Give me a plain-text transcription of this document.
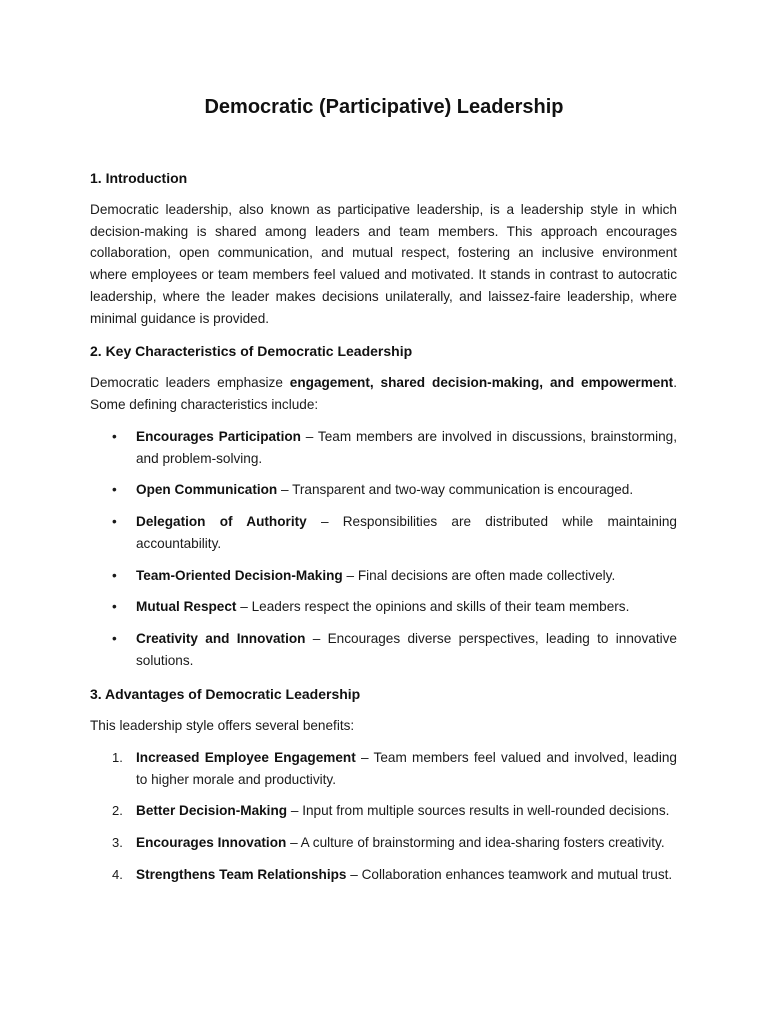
Democratic (Participative) Leadership
1. Introduction

Democratic leadership, also known as participative leadership, is a leadership style in which decision-making is shared among leaders and team members. This approach encourages collaboration, open communication, and mutual respect, fostering an inclusive environment where employees or team members feel valued and motivated. It stands in contrast to autocratic leadership, where the leader makes decisions unilaterally, and laissez-faire leadership, where minimal guidance is provided.

2. Key Characteristics of Democratic Leadership

Democratic leaders emphasize engagement, shared decision-making, and empowerment. Some defining characteristics include:

• Encourages Participation – Team members are involved in discussions, brainstorming, and problem-solving.
• Open Communication – Transparent and two-way communication is encouraged.
• Delegation of Authority – Responsibilities are distributed while maintaining accountability.
• Team-Oriented Decision-Making – Final decisions are often made collectively.
• Mutual Respect – Leaders respect the opinions and skills of their team members.
• Creativity and Innovation – Encourages diverse perspectives, leading to innovative solutions.
3. Advantages of Democratic Leadership

This leadership style offers several benefits:

1. Increased Employee Engagement – Team members feel valued and involved, leading to higher morale and productivity.
2. Better Decision-Making – Input from multiple sources results in well-rounded decisions.
3. Encourages Innovation – A culture of brainstorming and idea-sharing fosters creativity.
4. Strengthens Team Relationships – Collaboration enhances teamwork and mutual trust.
